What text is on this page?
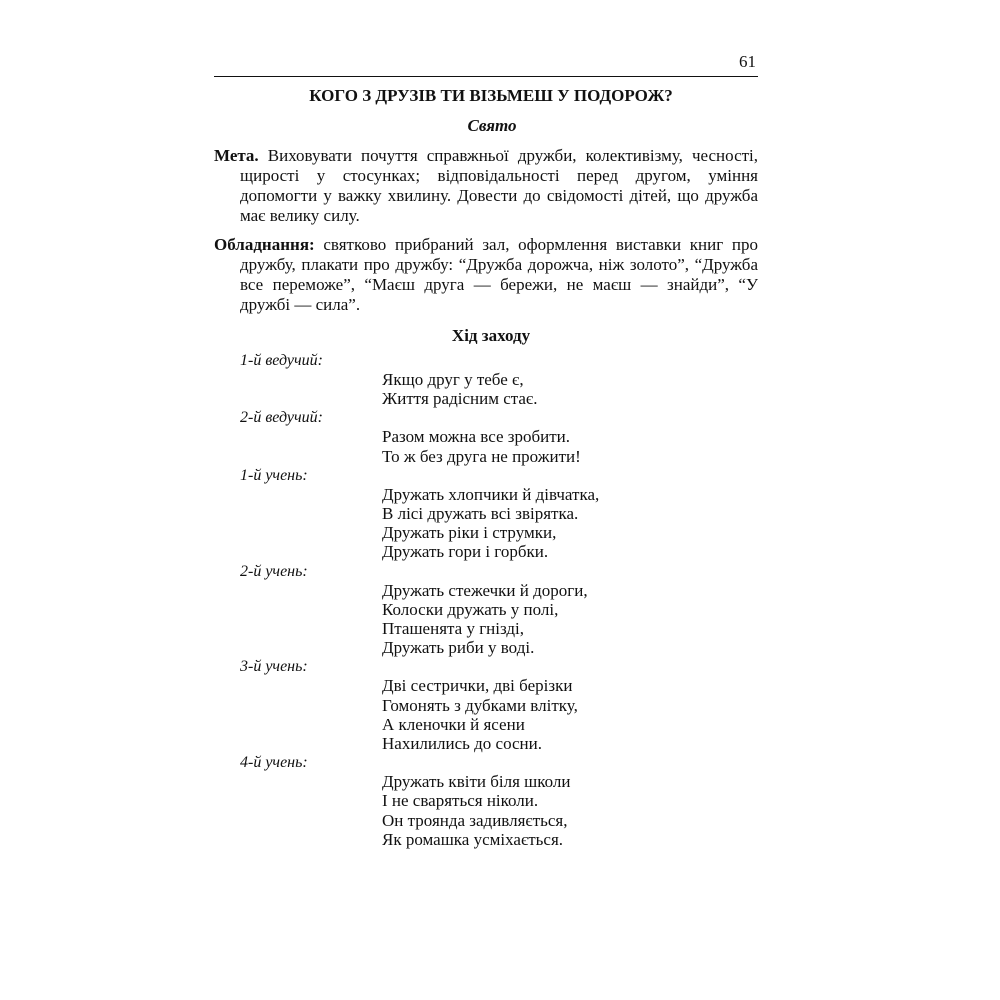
61
КОГО З ДРУЗІВ ТИ ВІЗЬМЕШ У ПОДОРОЖ?
Свято
Мета. Виховувати почуття справжньої дружби, колективізму, чесності, щирості у стосунках; відповідальності перед другом, уміння допомогти у важку хвилину. Довести до свідомості дітей, що дружба має велику силу.
Обладнання: святково прибраний зал, оформлення виставки книг про дружбу, плакати про дружбу: “Дружба дорожча, ніж золото”, “Дружба все переможе”, “Маєш друга — бережи, не маєш — знайди”, “У дружбі — сила”.
Хід заходу
1-й ведучий:
Якщо друг у тебе є,
Життя радісним стає.
2-й ведучий:
Разом можна все зробити.
То ж без друга не прожити!
1-й учень:
Дружать хлопчики й дівчатка,
В лісі дружать всі звірятка.
Дружать ріки і струмки,
Дружать гори і горбки.
2-й учень:
Дружать стежечки й дороги,
Колоски дружать у полі,
Пташенята у гнізді,
Дружать риби у воді.
3-й учень:
Дві сестрички, дві берізки
Гомонять з дубками влітку,
А кленочки й ясени
Нахилились до сосни.
4-й учень:
Дружать квіти біля школи
І не сваряться ніколи.
Он троянда задивляється,
Як ромашка усміхається.
